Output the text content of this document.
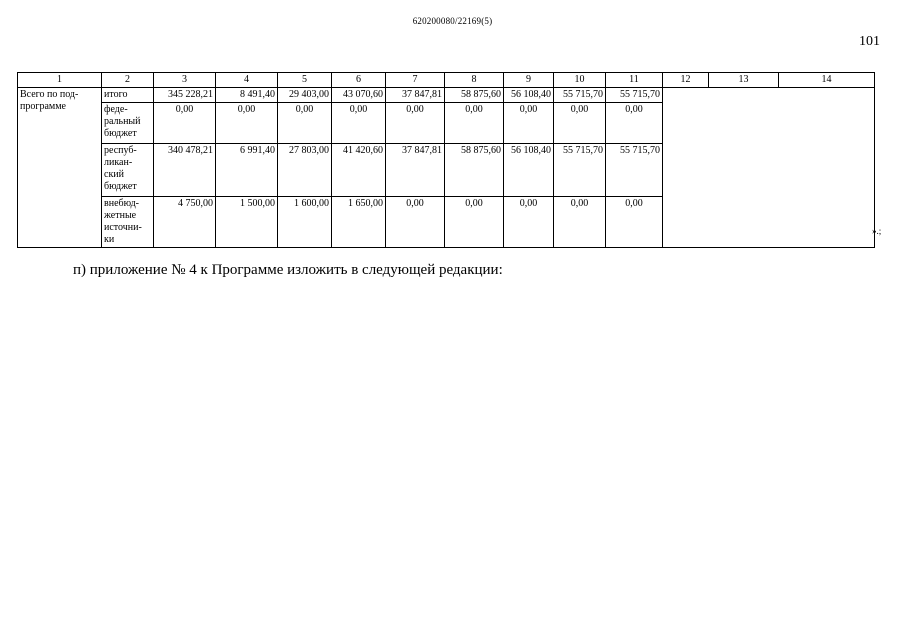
620200080/22169(5)
101
1	2	3	4	5	6	7	8	9	10	11	12	13	14
Всего по под-программе	итого	345 228,21	8 491,40	29 403,00	43 070,60	37 847,81	58 875,60	56 108,40	55 715,70	55 715,70			
	феде-ральный бюджет	0,00	0,00	0,00	0,00	0,00	0,00	0,00	0,00	0,00			
	респуб-ликан-ский бюджет	340 478,21	6 991,40	27 803,00	41 420,60	37 847,81	58 875,60	56 108,40	55 715,70	55 715,70			
	внебюд-жетные источни-ки	4 750,00	1 500,00	1 600,00	1 650,00	0,00	0,00	0,00	0,00	0,00			
».;
п) приложение № 4 к Программе изложить в следующей редакции:
